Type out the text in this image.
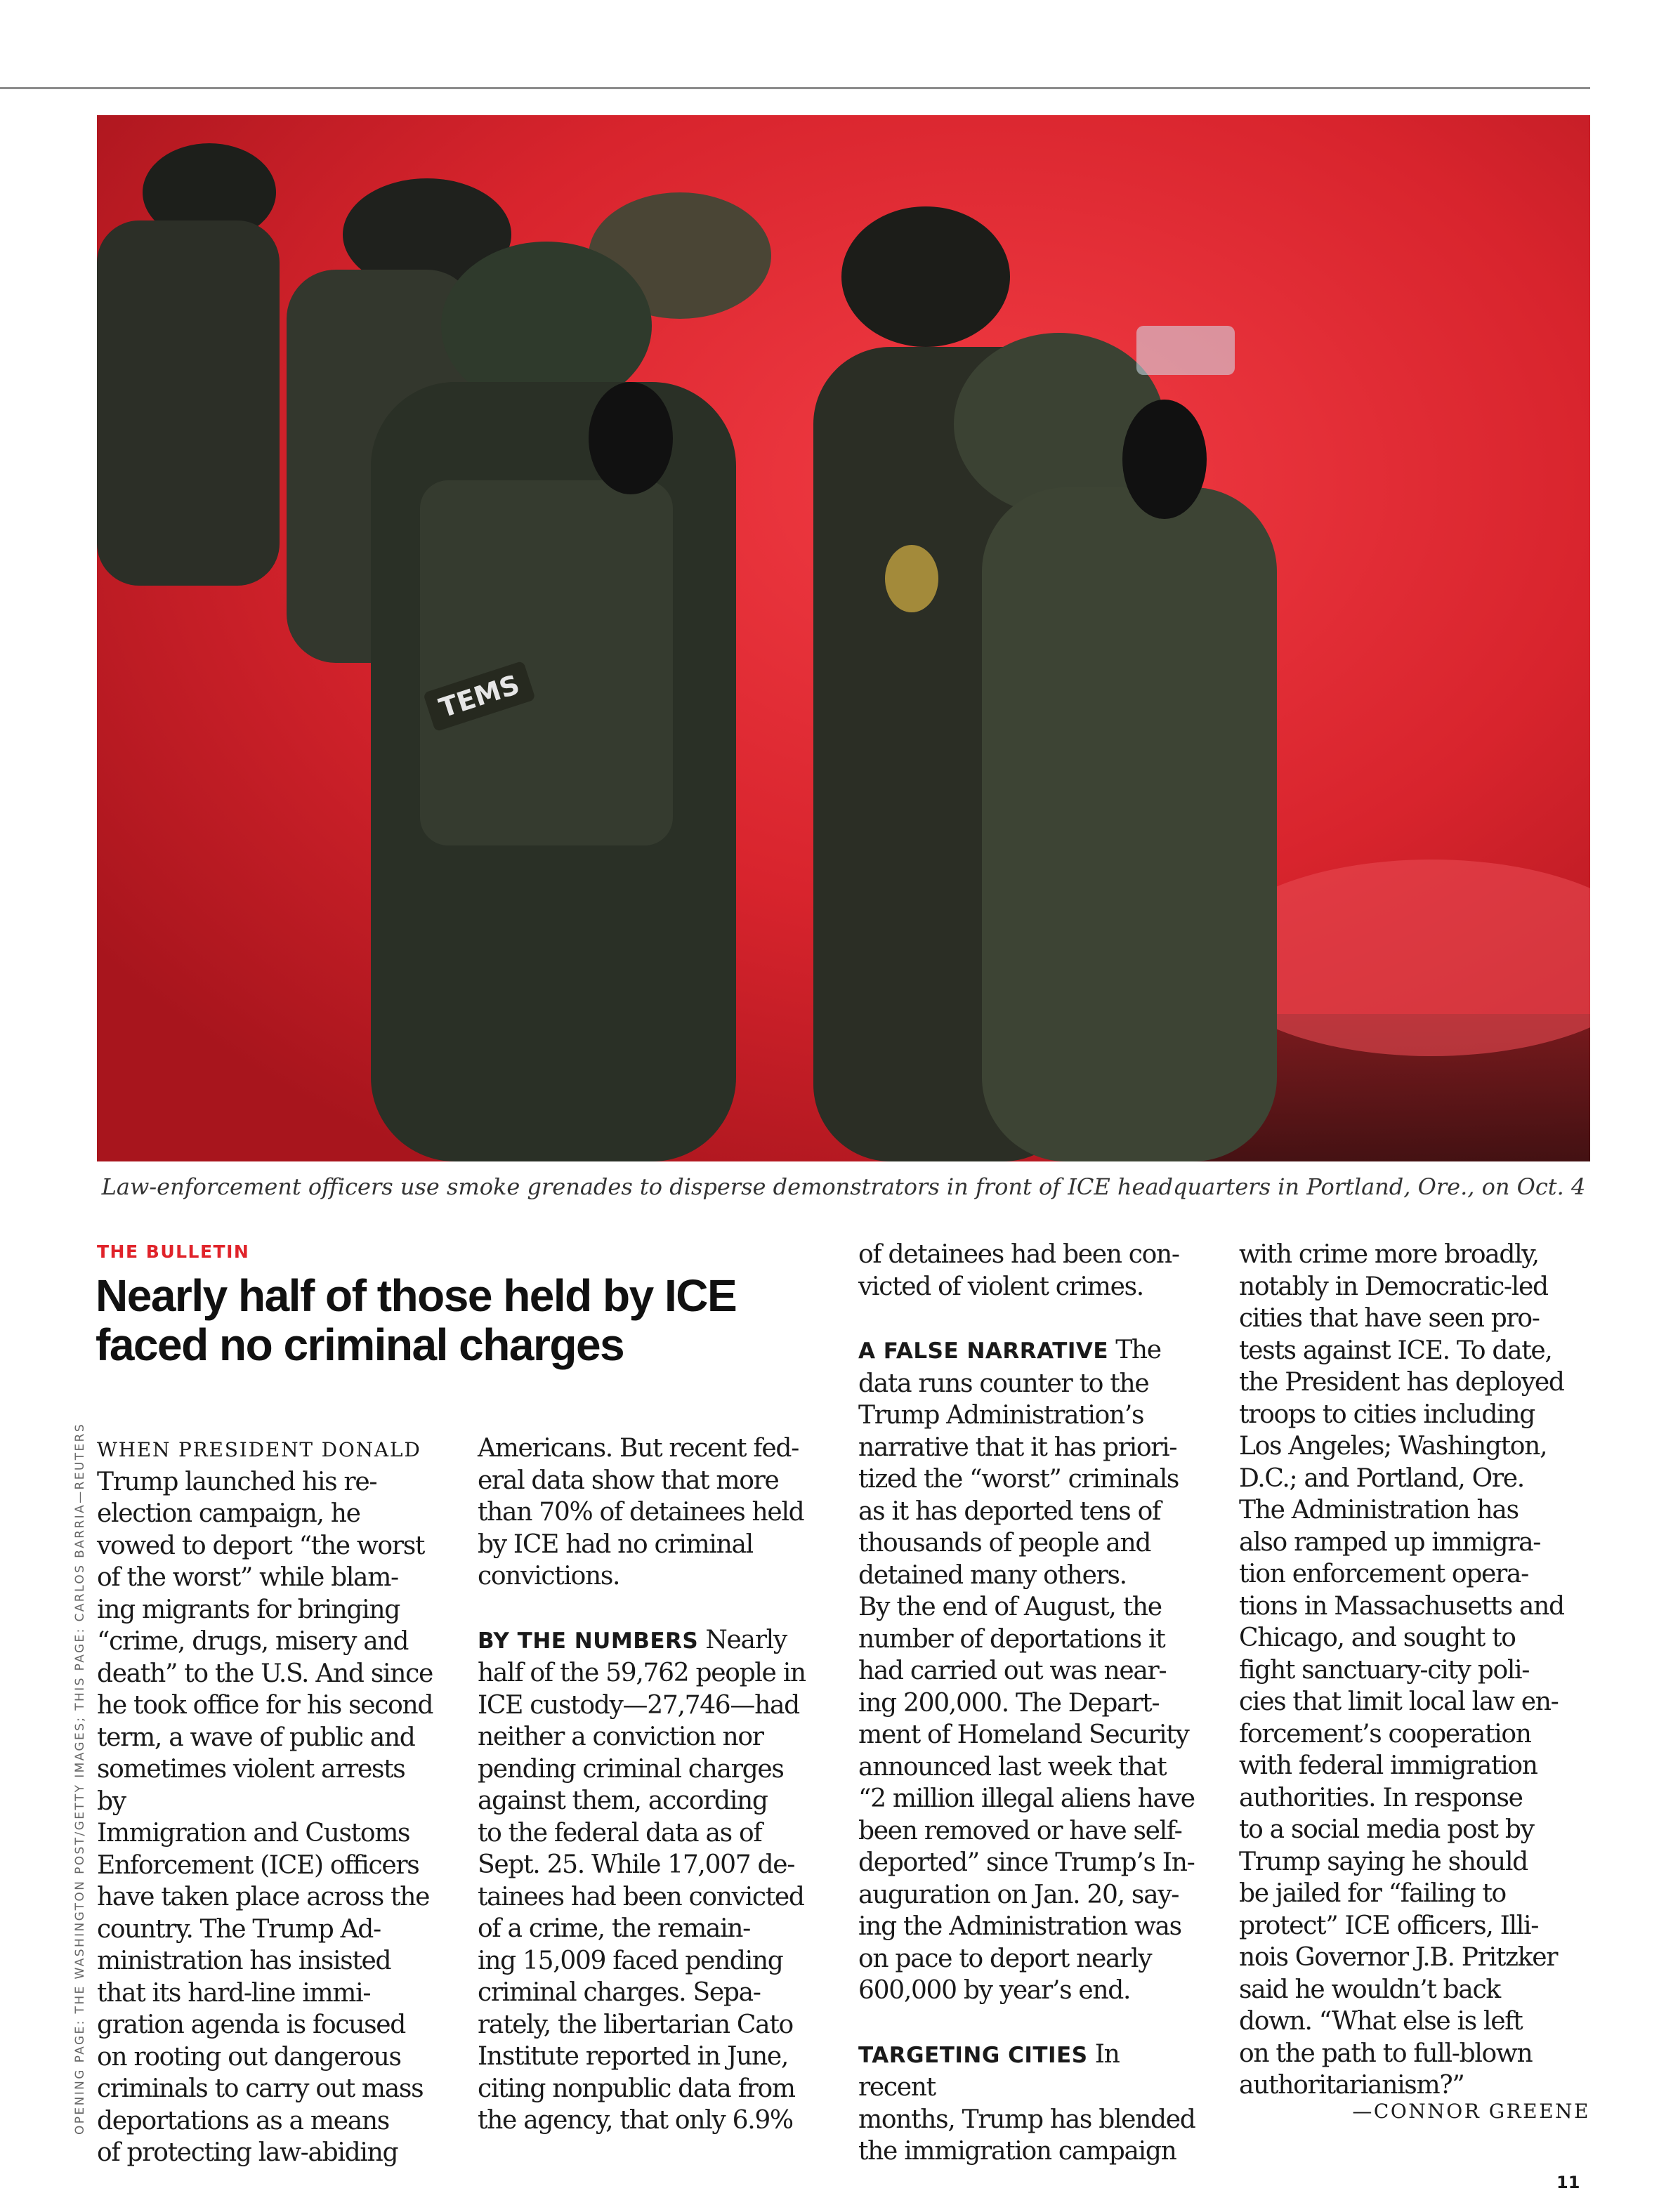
TEMS
Law-enforcement officers use smoke grenades to disperse demonstrators in front of ICE headquarters in Portland, Ore., on Oct. 4
OPENING PAGE: THE WASHINGTON POST/GETTY IMAGES; THIS PAGE: CARLOS BARRIA—REUTERS
THE BULLETIN
Nearly half of those held by ICE faced no criminal charges
WHEN PRESIDENT DONALD
Trump launched his re-
election campaign, he
vowed to deport “the worst
of the worst” while blam-
ing migrants for bringing
“crime, drugs, misery and
death” to the U.S. And since
he took office for his second
term, a wave of public and
sometimes violent arrests by
Immigration and Customs
Enforcement (ICE) officers
have taken place across the
country. The Trump Ad-
ministration has insisted
that its hard-line immi-
gration agenda is focused
on rooting out dangerous
criminals to carry out mass
deportations as a means
of protecting law-abiding
Americans. But recent fed-
eral data show that more
than 70% of detainees held
by ICE had no criminal
convictions.
BY THE NUMBERS Nearly
half of the 59,762 people in
ICE custody—27,746—had
neither a conviction nor
pending criminal charges
against them, according
to the federal data as of
Sept. 25. While 17,007 de-
tainees had been convicted
of a crime, the remain-
ing 15,009 faced pending
criminal charges. Sepa-
rately, the libertarian Cato
Institute reported in June,
citing nonpublic data from
the agency, that only 6.9%
of detainees had been con-
victed of violent crimes.
A FALSE NARRATIVE The
data runs counter to the
Trump Administration’s
narrative that it has priori-
tized the “worst” criminals
as it has deported tens of
thousands of people and
detained many others.
By the end of August, the
number of deportations it
had carried out was near-
ing 200,000. The Depart-
ment of Homeland Security
announced last week that
“2 million illegal aliens have
been removed or have self-
deported” since Trump’s In-
auguration on Jan. 20, say-
ing the Administration was
on pace to deport nearly
600,000 by year’s end.
TARGETING CITIES In recent
months, Trump has blended
the immigration campaign
with crime more broadly,
notably in Democratic-led
cities that have seen pro-
tests against ICE. To date,
the President has deployed
troops to cities including
Los Angeles; Washington,
D.C.; and Portland, Ore.
The Administration has
also ramped up immigra-
tion enforcement opera-
tions in Massachusetts and
Chicago, and sought to
fight sanctuary-city poli-
cies that limit local law en-
forcement’s cooperation
with federal immigration
authorities. In response
to a social media post by
Trump saying he should
be jailed for “failing to
protect” ICE officers, Illi-
nois Governor J.B. Pritzker
said he wouldn’t back
down. “What else is left
on the path to full-blown
authoritarianism?”
—CONNOR GREENE
11
